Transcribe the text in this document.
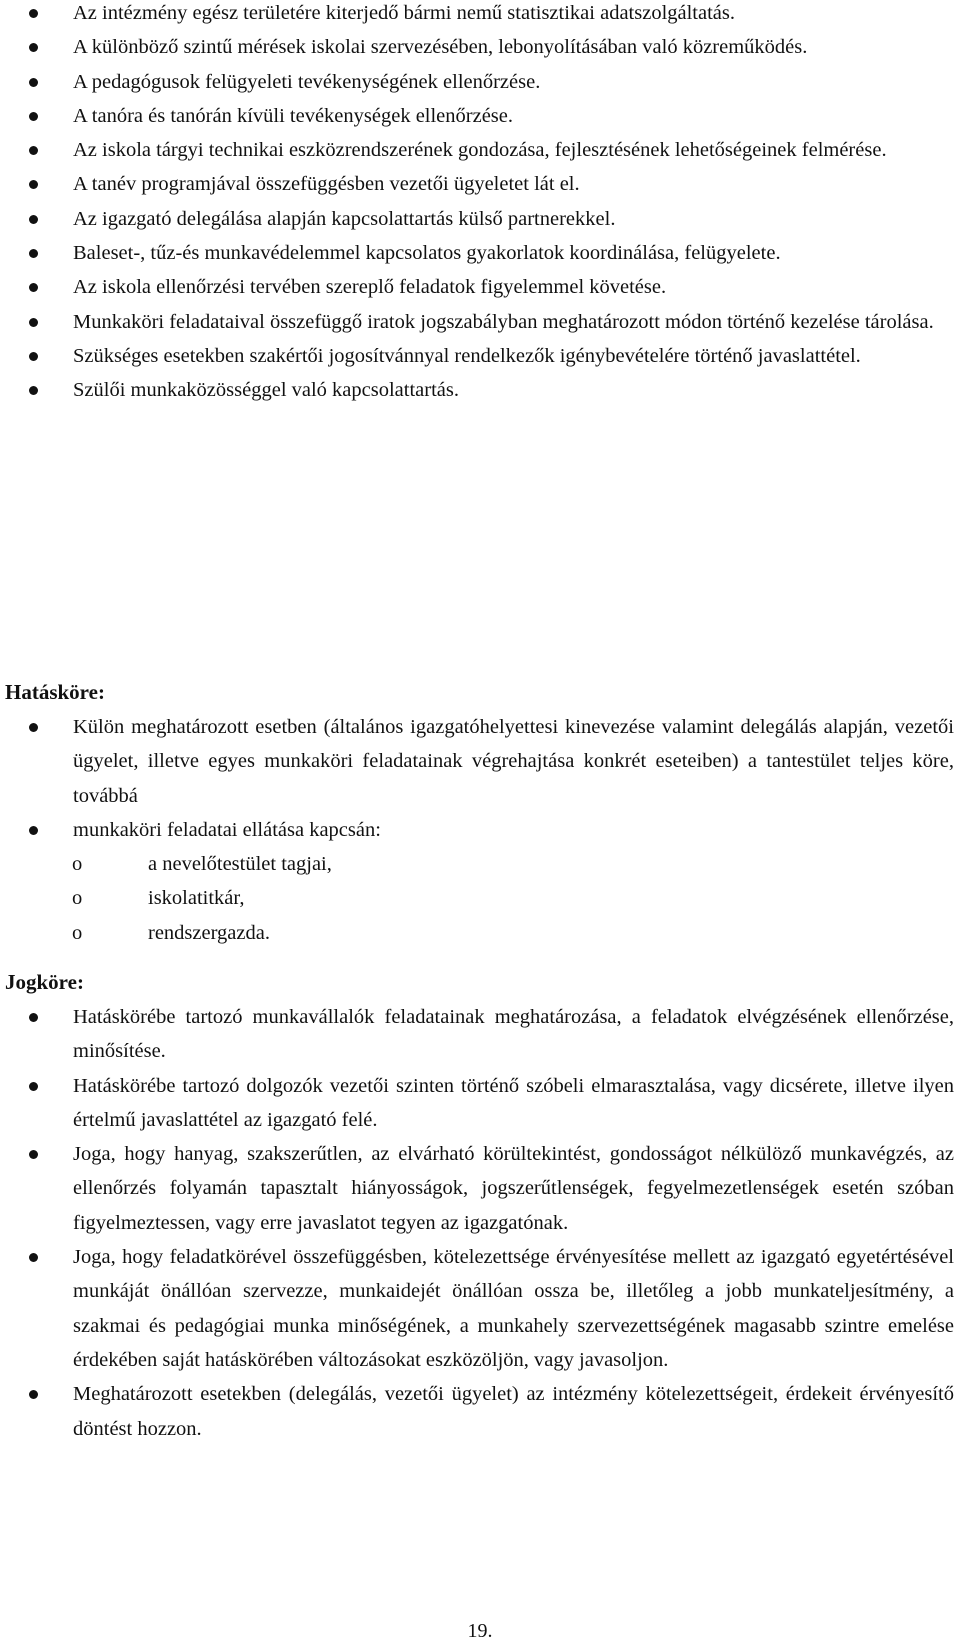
Az intézmény egész területére kiterjedő bármi nemű statisztikai adatszolgáltatás.
A különböző szintű mérések iskolai szervezésében, lebonyolításában való közreműködés.
A pedagógusok felügyeleti tevékenységének ellenőrzése.
A tanóra és tanórán kívüli tevékenységek ellenőrzése.
Az iskola tárgyi technikai eszközrendszerének gondozása, fejlesztésének lehetőségeinek felmérése.
A tanév programjával összefüggésben vezetői ügyeletet lát el.
Az igazgató delegálása alapján kapcsolattartás külső partnerekkel.
Baleset-, tűz-és munkavédelemmel kapcsolatos gyakorlatok koordinálása, felügyelete.
Az iskola ellenőrzési tervében szereplő feladatok figyelemmel követése.
Munkaköri feladataival összefüggő iratok jogszabályban meghatározott módon történő kezelése tárolása.
Szükséges esetekben szakértői jogosítvánnyal rendelkezők igénybevételére történő javaslattétel.
Szülői munkaközösséggel való kapcsolattartás.
Hatásköre:
Külön meghatározott esetben (általános igazgatóhelyettesi kinevezése valamint delegálás alapján, vezetői ügyelet, illetve egyes munkaköri feladatainak végrehajtása konkrét eseteiben) a tantestület teljes köre, továbbá
munkaköri feladatai ellátása kapcsán:
o	a nevelőtestület tagjai,
o	iskolatitkár,
o	rendszergazda.
Jogköre:
Hatáskörébe tartozó munkavállalók feladatainak meghatározása, a feladatok elvégzésének ellenőrzése, minősítése.
Hatáskörébe tartozó dolgozók vezetői szinten történő szóbeli elmarasztalása, vagy dicsérete, illetve ilyen értelmű javaslattétel az igazgató felé.
Joga, hogy hanyag, szakszerűtlen, az elvárható körültekintést, gondosságot nélkülöző munkavégzés, az ellenőrzés folyamán tapasztalt hiányosságok, jogszerűtlenségek, fegyelmezetlenségek esetén szóban figyelmeztessen, vagy erre javaslatot tegyen az igazgatónak.
Joga, hogy feladatkörével összefüggésben, kötelezettsége érvényesítése mellett az igazgató egyetértésével munkáját önállóan szervezze, munkaidejét önállóan ossza be, illetőleg a jobb munkateljesítmény, a szakmai és pedagógiai munka minőségének, a munkahely szervezettségének magasabb szintre emelése érdekében saját hatáskörében változásokat eszközöljön, vagy javasoljon.
Meghatározott esetekben (delegálás, vezetői ügyelet) az intézmény kötelezettségeit, érdekeit érvényesítő döntést hozzon.
19.
